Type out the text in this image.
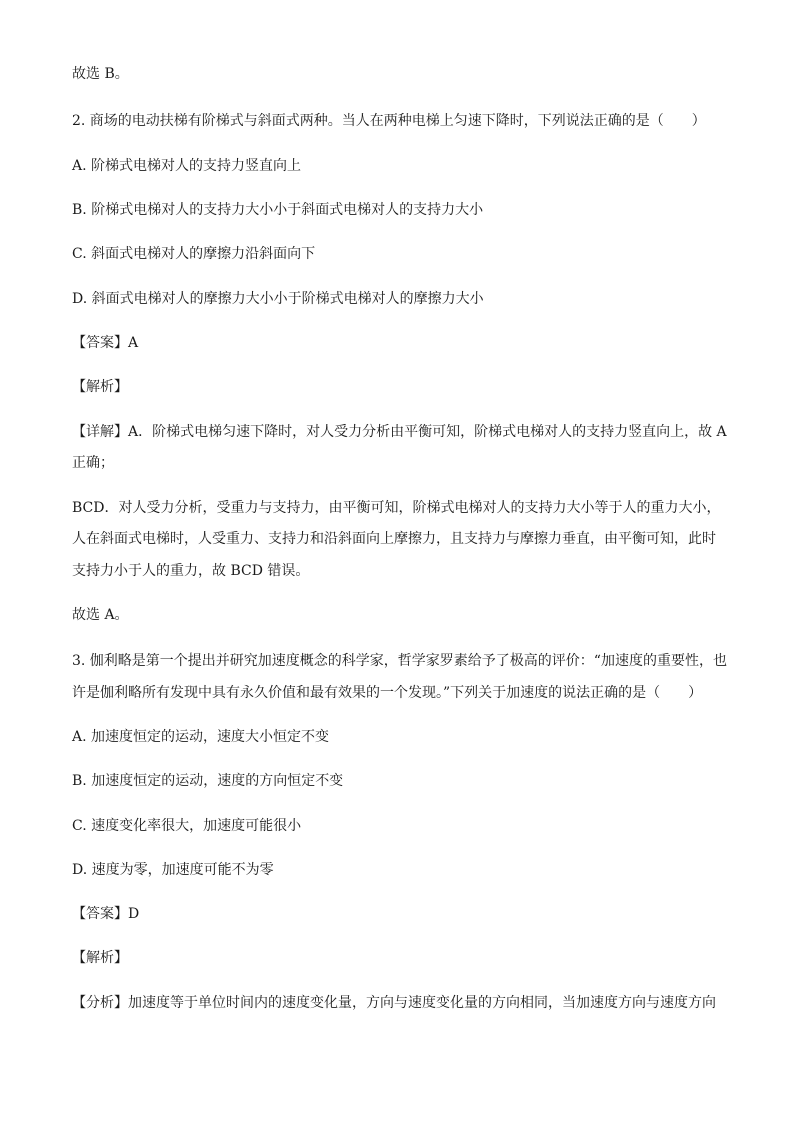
故选 B。
2. 商场的电动扶梯有阶梯式与斜面式两种。当人在两种电梯上匀速下降时，下列说法正确的是（　　）
A. 阶梯式电梯对人的支持力竖直向上
B. 阶梯式电梯对人的支持力大小小于斜面式电梯对人的支持力大小
C. 斜面式电梯对人的摩擦力沿斜面向下
D. 斜面式电梯对人的摩擦力大小小于阶梯式电梯对人的摩擦力大小
【答案】A
【解析】
【详解】A．阶梯式电梯匀速下降时，对人受力分析由平衡可知，阶梯式电梯对人的支持力竖直向上，故 A
正确；
BCD．对人受力分析，受重力与支持力，由平衡可知，阶梯式电梯对人的支持力大小等于人的重力大小，
人在斜面式电梯时，人受重力、支持力和沿斜面向上摩擦力，且支持力与摩擦力垂直，由平衡可知，此时
支持力小于人的重力，故 BCD 错误。
故选 A。
3. 伽利略是第一个提出并研究加速度概念的科学家，哲学家罗素给予了极高的评价：“加速度的重要性，也
许是伽利略所有发现中具有永久价值和最有效果的一个发现。”下列关于加速度的说法正确的是（　　）
A. 加速度恒定的运动，速度大小恒定不变
B. 加速度恒定的运动，速度的方向恒定不变
C. 速度变化率很大，加速度可能很小
D. 速度为零，加速度可能不为零
【答案】D
【解析】
【分析】加速度等于单位时间内的速度变化量，方向与速度变化量的方向相同，当加速度方向与速度方向
